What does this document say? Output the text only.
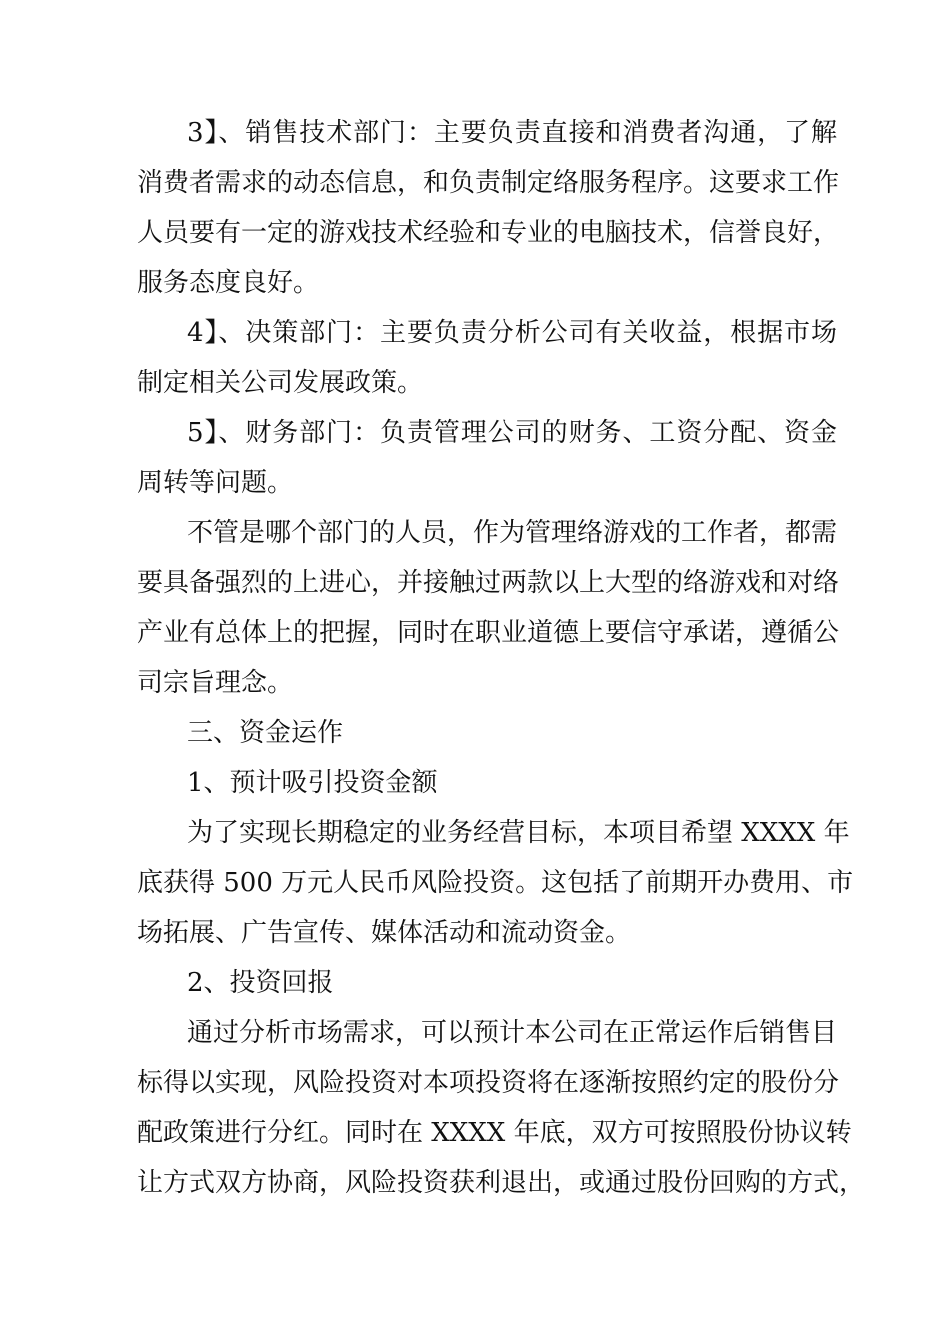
3】、销售技术部门：主要负责直接和消费者沟通，了解
消费者需求的动态信息，和负责制定络服务程序。这要求工作
人员要有一定的游戏技术经验和专业的电脑技术，信誉良好，
服务态度良好。
4】、决策部门：主要负责分析公司有关收益，根据市场
制定相关公司发展政策。
5】、财务部门：负责管理公司的财务、工资分配、资金
周转等问题。
不管是哪个部门的人员，作为管理络游戏的工作者，都需
要具备强烈的上进心，并接触过两款以上大型的络游戏和对络
产业有总体上的把握，同时在职业道德上要信守承诺，遵循公
司宗旨理念。
三、资金运作
1、预计吸引投资金额
为了实现长期稳定的业务经营目标，本项目希望 XXXX 年
底获得 500 万元人民币风险投资。这包括了前期开办费用、市
场拓展、广告宣传、媒体活动和流动资金。
2、投资回报
通过分析市场需求，可以预计本公司在正常运作后销售目
标得以实现，风险投资对本项投资将在逐渐按照约定的股份分
配政策进行分红。同时在 XXXX 年底，双方可按照股份协议转
让方式双方协商，风险投资获利退出，或通过股份回购的方式，
